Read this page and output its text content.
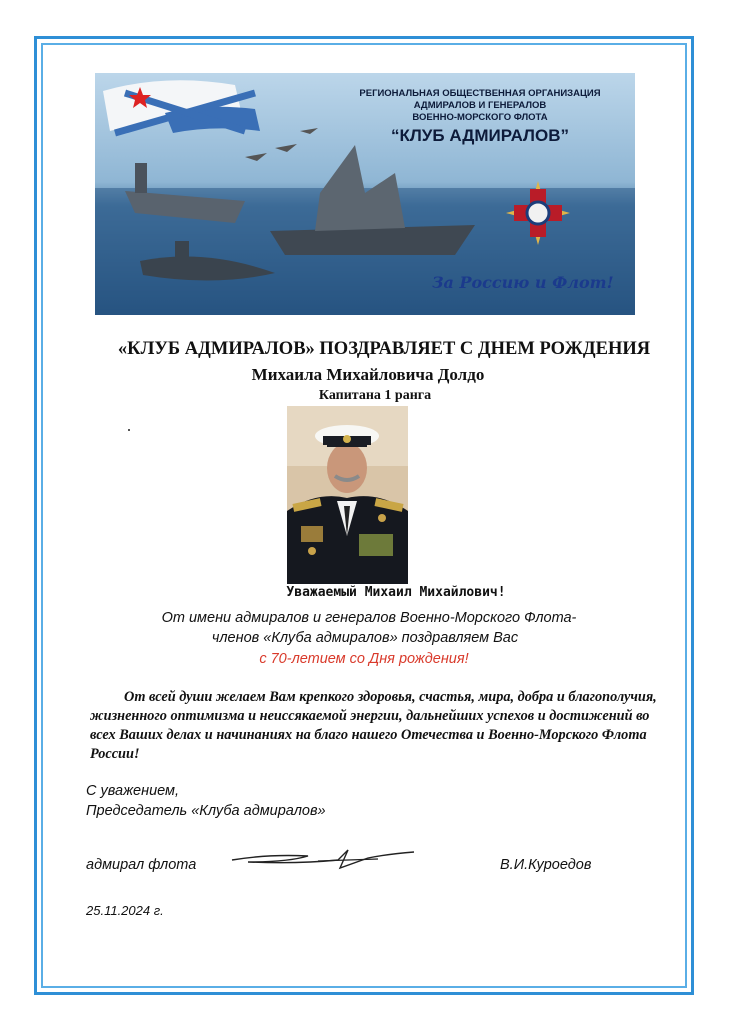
РЕГИОНАЛЬНАЯ ОБЩЕСТВЕННАЯ ОРГАНИЗАЦИЯ
АДМИРАЛОВ И ГЕНЕРАЛОВ
ВОЕННО-МОРСКОГО ФЛОТА
“КЛУБ АДМИРАЛОВ”
За Россию и Флот!
«КЛУБ АДМИРАЛОВ» ПОЗДРАВЛЯЕТ С ДНЕМ РОЖДЕНИЯ
Михаила Михайловича Долдо
Капитана 1 ранга
Уважаемый Михаил Михайлович!
От имени адмиралов и генералов Военно-Морского Флота-
членов «Клуба адмиралов» поздравляем Вас
с 70-летием со Дня рождения!
От всей души желаем Вам крепкого здоровья, счастья, мира, добра и благополучия, жизненного оптимизма и неиссякаемой энергии, дальнейших успехов и достижений во всех Ваших делах и начинаниях на благо нашего Отечества и Военно-Морского Флота России!
С уважением,
Председатель «Клуба адмиралов»
адмирал флота	В.И.Куроедов
25.11.2024 г.
